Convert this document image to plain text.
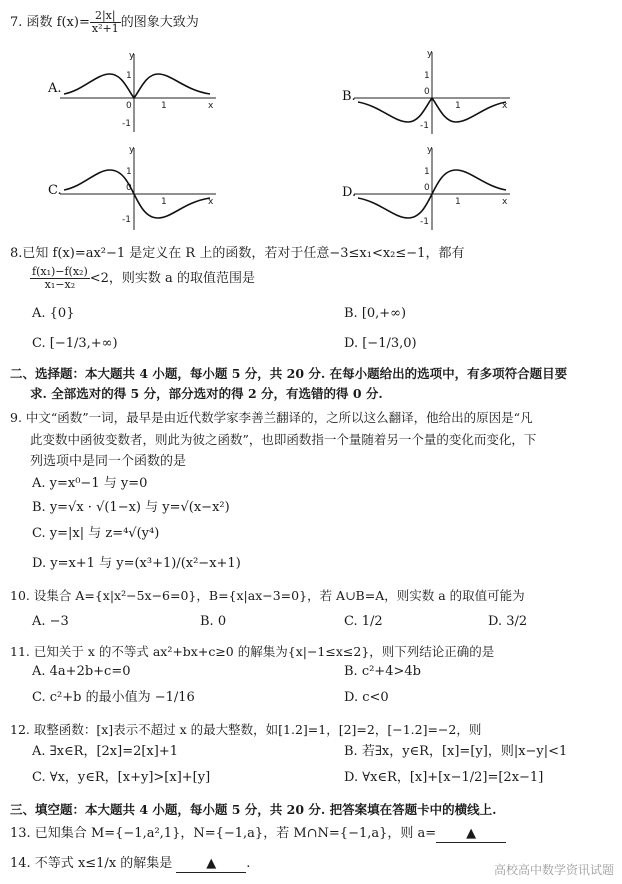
7. 函数 $f(x)= \frac{2|x|}{\text{x²+1}}$ 的图象大致为
A.
x
y
1
-1
0	1
B.
x
y
1
-1
0
1
C.
x
y
1
-1
0
1
D.
x
y
1
-1
0
1
8.已知 f(x)=ax²−1 是定义在 R 上的函数，若对于任意−3≤x₁<x₂≤−1，都有
$\frac{\text{f(x₁)−f(x₂)}}{\text{x₁−x₂}} <2$，则实数 a 的取值范围是
A. {0}	B. [0,+∞)
C. [−1/3,+∞)	D. [−1/3,0)
二、选择题：本大题共 4 小题，每小题 5 分，共 20 分. 在每小题给出的选项中，有多项符合题目要
求. 全部选对的得 5 分，部分选对的得 2 分，有选错的得 0 分.
9. 中文“函数”一词，最早是由近代数学家李善兰翻译的，之所以这么翻译，他给出的原因是“凡
此变数中函彼变数者，则此为彼之函数”，也即函数指一个量随着另一个量的变化而变化，下
列选项中是同一个函数的是
A. y=x⁰−1 与 y=0
B. y=√x · √(1−x) 与 y=√(x−x²)
C. y=|x| 与 z=⁴√(y⁴)
D. y=x+1 与 y=(x³+1)/(x²−x+1)
10. 设集合 A={x|x²−5x−6=0}，B={x|ax−3=0}，若 A∪B=A，则实数 a 的取值可能为
A. −3	B. 0	C. 1/2	D. 3/2
11. 已知关于 x 的不等式 ax²+bx+c≥0 的解集为{x|−1≤x≤2}，则下列结论正确的是
A. 4a+2b+c=0	B. c²+4>4b
C. c²+b 的最小值为 −1/16	D. c<0
12. 取整函数：[x]表示不超过 x 的最大整数，如[1.2]=1，[2]=2，[−1.2]=−2，则
A. ∃x∈R，[2x]=2[x]+1	B. 若∃x，y∈R，[x]=[y]，则|x−y|<1
C. ∀x，y∈R，[x+y]>[x]+[y]	D. ∀x∈R，[x]+[x−1/2]=[2x−1]
三、填空题：本大题共 4 小题，每小题 5 分，共 20 分. 把答案填在答题卡中的横线上.
13. 已知集合 M={−1,a²,1}，N={−1,a}，若 M∩N={−1,a}，则 a= ▲
14. 不等式 x≤1/x 的解集是	▲ .	高校高中数学资讯试题
